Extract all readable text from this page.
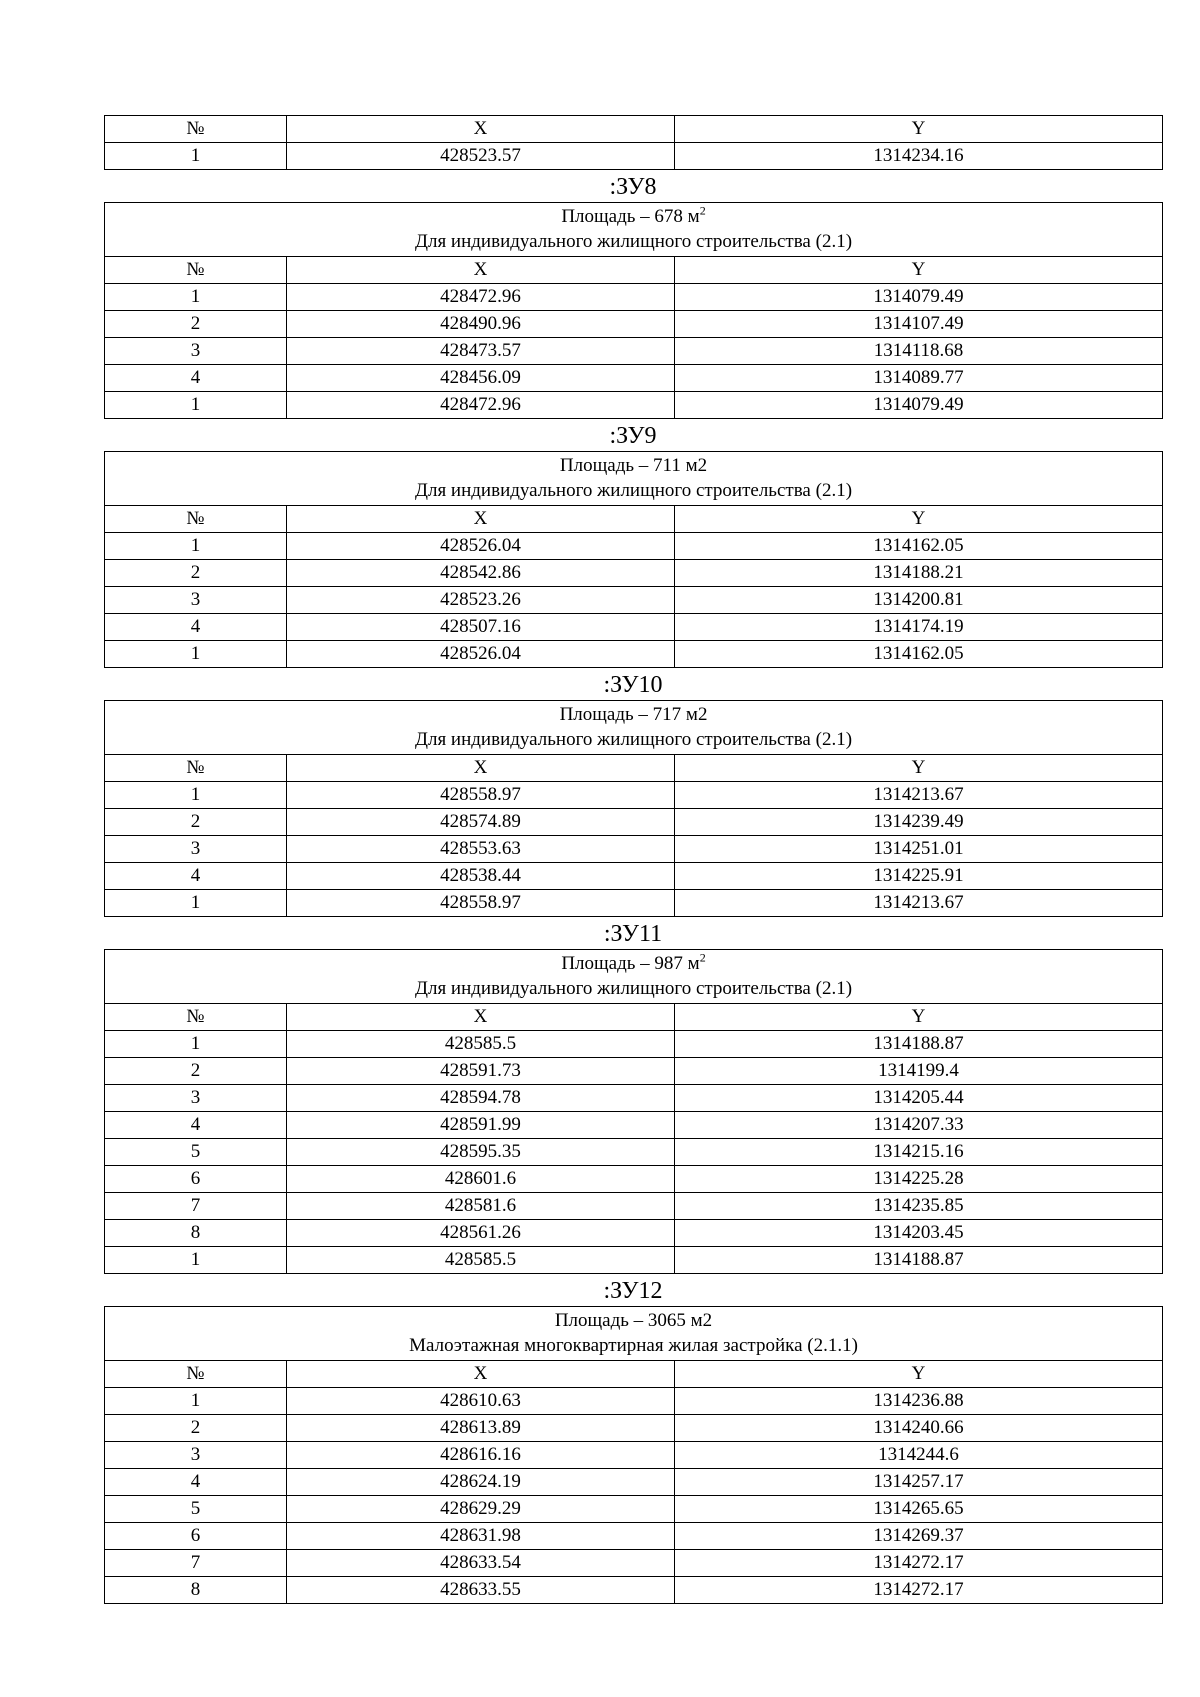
№	X	Y
1	428523.57	1314234.16
:ЗУ8
Площадь – 678 $м^2$
Для индивидуального жилищного строительства (2.1)		

№	X	Y
1	428472.96	1314079.49
2	428490.96	1314107.49
3	428473.57	1314118.68
4	428456.09	1314089.77
1	428472.96	1314079.49
:ЗУ9
Площадь – 711 м2
Для индивидуального жилищного строительства (2.1)		

№	X	Y
1	428526.04	1314162.05
2	428542.86	1314188.21
3	428523.26	1314200.81
4	428507.16	1314174.19
1	428526.04	1314162.05
:ЗУ10
Площадь – 717 м2
Для индивидуального жилищного строительства (2.1)		

№	X	Y
1	428558.97	1314213.67
2	428574.89	1314239.49
3	428553.63	1314251.01
4	428538.44	1314225.91
1	428558.97	1314213.67
:ЗУ11
Площадь – 987 $м^2$
Для индивидуального жилищного строительства (2.1)		

№	X	Y
1	428585.5	1314188.87
2	428591.73	1314199.4
3	428594.78	1314205.44
4	428591.99	1314207.33
5	428595.35	1314215.16
6	428601.6	1314225.28
7	428581.6	1314235.85
8	428561.26	1314203.45
1	428585.5	1314188.87
:ЗУ12
Площадь – 3065 м2
Малоэтажная многоквартирная жилая застройка (2.1.1)		

№	X	Y
1	428610.63	1314236.88
2	428613.89	1314240.66
3	428616.16	1314244.6
4	428624.19	1314257.17
5	428629.29	1314265.65
6	428631.98	1314269.37
7	428633.54	1314272.17
8	428633.55	1314272.17
